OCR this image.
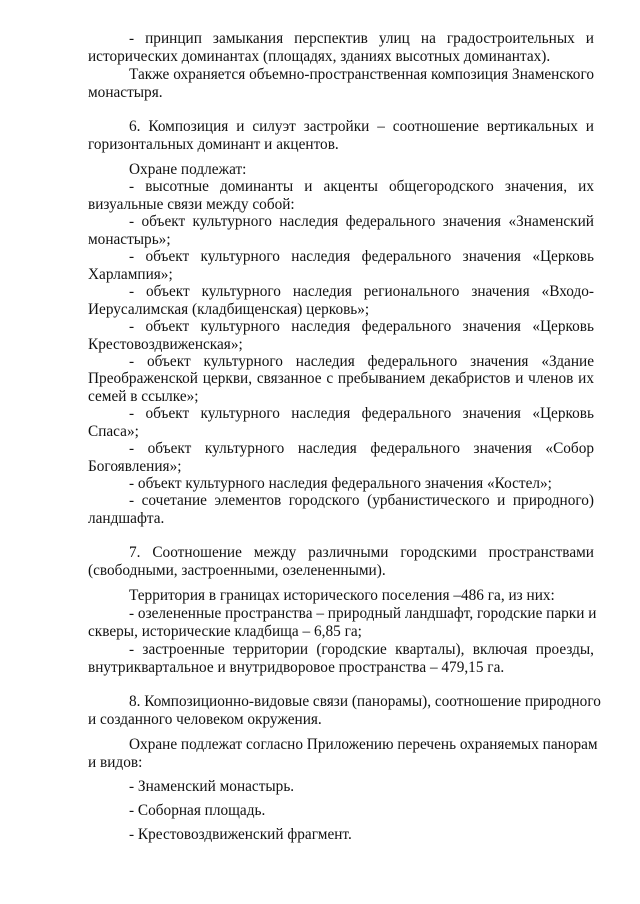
- принцип замыкания перспектив улиц на градостроительных и
исторических доминантах (площадях, зданиях высотных доминантах).
Также охраняется объемно-пространственная композиция Знаменского
монастыря.
6. Композиция и силуэт застройки – соотношение вертикальных и
горизонтальных доминант и акцентов.
Охране подлежат:
- высотные доминанты и акценты общегородского значения, их
визуальные связи между собой:
- объект культурного наследия федерального значения «Знаменский
монастырь»;
- объект культурного наследия федерального значения «Церковь
Харлампия»;
- объект культурного наследия регионального значения «Входо-
Иерусалимская (кладбищенская) церковь»;
- объект культурного наследия федерального значения «Церковь
Крестовоздвиженская»;
- объект культурного наследия федерального значения «Здание
Преображенской церкви, связанное с пребыванием декабристов и членов их
семей в ссылке»;
- объект культурного наследия федерального значения «Церковь
Спаса»;
- объект культурного наследия федерального значения «Собор
Богоявления»;
- объект культурного наследия федерального значения «Костел»;
- сочетание элементов городского (урбанистического и природного)
ландшафта.
7. Соотношение между различными городскими пространствами
(свободными, застроенными, озелененными).
Территория в границах исторического поселения –486 га, из них:
- озелененные пространства – природный ландшафт, городские парки и
скверы, исторические кладбища – 6,85 га;
- застроенные территории (городские кварталы), включая проезды,
внутриквартальное и внутридворовое пространства – 479,15 га.
8. Композиционно-видовые связи (панорамы), соотношение природного
и созданного человеком окружения.
Охране подлежат согласно Приложению перечень охраняемых панорам
и видов:
- Знаменский монастырь.
- Соборная площадь.
- Крестовоздвиженский фрагмент.
